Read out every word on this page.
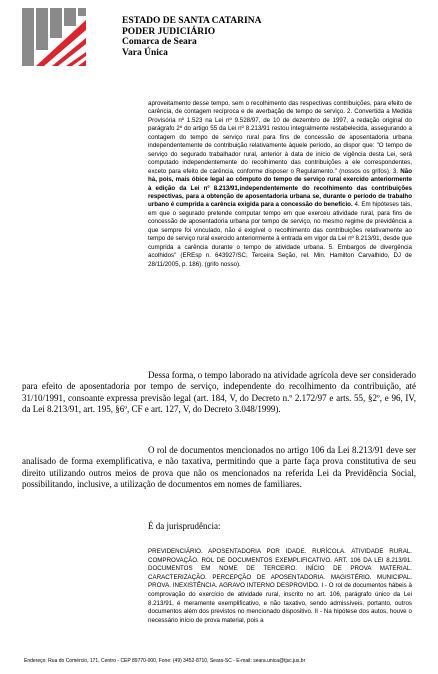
ESTADO DE SANTA CATARINA
PODER JUDICIÁRIO
Comarca de Seara
Vara Única
aproveitamento desse tempo, sem o recolhimento das respectivas contribuições, para efeito de carência, de contagem recíproca e de averbação de tempo de serviço. 2. Convertida a Medida Provisória nº 1.523 na Lei nº 9.528/97, de 10 de dezembro de 1997, a redação original do parágrafo 2º do artigo 55 da Lei nº 8.213/91 restou integralmente restabelecida, assegurando a contagem do tempo de serviço rural para fins de concessão de aposentadoria urbana independentemente de contribuição relativamente àquele período, ao dispor que: "O tempo de serviço do segurado trabalhador rural, anterior à data de início de vigência desta Lei, será computado independentemente do recolhimento das contribuições a ele correspondentes, exceto para efeito de carência, conforme disposer o Regulamento." (nossos os grifos). 3. Não há, pois, mais óbice legal ao cômputo do tempo de serviço rural exercido anteriormente à edição da Lei nº 8.213/91,independentemente do recolhimento das contribuições respectivas, para a obtenção de aposentadoria urbana se, durante o período de trabalho urbano é cumprida a carência exigida para a concessão do benefício. 4. Em hipóteses tais, em que o segurado pretende computar tempo em que exerceu atividade rural, para fins de concessão de aposentadoria urbana por tempo de serviço, no mesmo regime de previdência a que sempre foi vinculado, não é exigível o recolhimento das contribuições relativamente ao tempo de serviço rural exercido anteriormente à entrada em vigor da Lei nº 8.213/91, desde que cumprida a carência durante o tempo de atividade urbana. 5. Embargos de divergência acolhidos" (EREsp n. 643927/SC, Terceira Seção, rel. Min. Hamilton Carvalhido, DJ de 28/11/2005, p. 186). (grifo nosso).
Dessa forma, o tempo laborado na atividade agrícola deve ser considerado para efeito de aposentadoria por tempo de serviço, independente do recolhimento da contribuição, até 31/10/1991, consoante expressa previsão legal (art. 184, V, do Decreto n.º 2.172/97 e arts. 55, §2º, e 96, IV, da Lei 8.213/91, art. 195, §6º, CF e art. 127, V, do Decreto 3.048/1999).
O rol de documentos mencionados no artigo 106 da Lei 8.213/91 deve ser analisado de forma exemplificativa, e não taxativa, permitindo que a parte faça prova constitutiva de seu direito utilizando outros meios de prova que não os mencionados na referida Lei da Previdência Social, possibilitando, inclusive, a utilização de documentos em nomes de familiares.
É da jurisprudência:
PREVIDENCIÁRIO. APOSENTADORIA POR IDADE. RURÍCOLA. ATIVIDADE RURAL. COMPROVAÇÃO. ROL DE DOCUMENTOS EXEMPLIFICATIVO. ART. 106 DA LEI 8.213/91. DOCUMENTOS EM NOME DE TERCEIRO. INÍCIO DE PROVA MATERIAL. CARACTERIZAÇÃO. PERCEPÇÃO DE APOSENTADORIA. MAGISTÉRIO. MUNICIPAL. PROVA. INEXISTÊNCIA. AGRAVO INTERNO DESPROVIDO. I - O rol de documentos hábeis à comprovação do exercício de atividade rural, inscrito no art. 106, parágrafo único da Lei 8.213/91, é meramente exemplificativo, e não taxativo, sendo admissíveis, portanto, outros documentos além dos previstos no mencionado dispositivo. II - Na hipótese dos autos, houve o necessário início de prova material, pois a
Endereço: Rua do Comércio, 171, Centro - CEP 89770-000, Fone: (49) 3452-8710, Seara-SC - E-mail: seara.unica@tjsc.jus.br
